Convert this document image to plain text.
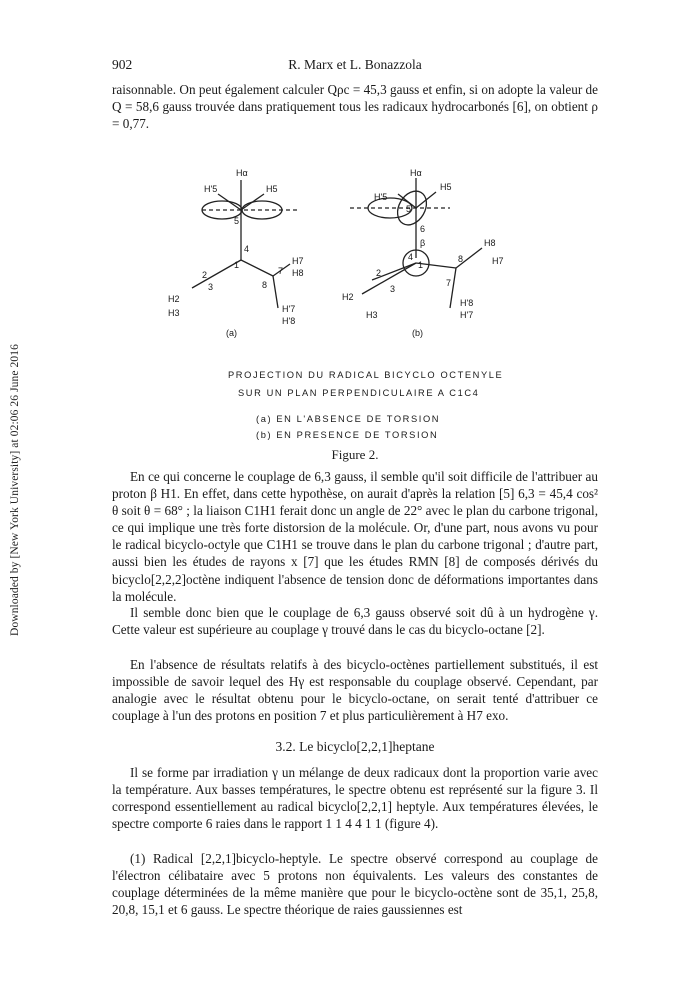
Downloaded by [New York University] at 02:06 26 June 2016
902	R. Marx et L. Bonazzola

raisonnable. On peut également calculer Qρc = 45,3 gauss et enfin, si on adopte la valeur de Q = 58,6 gauss trouvée dans pratiquement tous les radicaux hydrocarbonés [6], on obtient ρ = 0,77.

Hα
H'5	H5
5
4
1
2
3
7
8
H7
H8
H2
H3	H'7
H'8
(a)
Hα
H5
H'5
5
6
β
4
1
8
H8
H7
2
3
7
H2
H3
H'8
H'7
(b)
PROJECTION DU RADICAL BICYCLO OCTENYLE
SUR UN PLAN PERPENDICULAIRE A C1C4
(a) EN L'ABSENCE DE TORSION
(b) EN PRESENCE DE TORSION
Figure 2.

En ce qui concerne le couplage de 6,3 gauss, il semble qu'il soit difficile de l'attribuer au proton β H1. En effet, dans cette hypothèse, on aurait d'après la relation [5] 6,3 = 45,4 cos² θ soit θ = 68° ; la liaison C1H1 ferait donc un angle de 22° avec le plan du carbone trigonal, ce qui implique une très forte distorsion de la molécule. Or, d'une part, nous avons vu pour le radical bicyclo-octyle que C1H1 se trouve dans le plan du carbone trigonal ; d'autre part, aussi bien les études de rayons x [7] que les études RMN [8] de composés dérivés du bicyclo[2,2,2]octène indiquent l'absence de tension donc de déformations importantes dans la molécule.

Il semble donc bien que le couplage de 6,3 gauss observé soit dû à un hydrogène γ. Cette valeur est supérieure au couplage γ trouvé dans le cas du bicyclo-octane [2].

En l'absence de résultats relatifs à des bicyclo-octènes partiellement substitués, il est impossible de savoir lequel des Hγ est responsable du couplage observé. Cependant, par analogie avec le résultat obtenu pour le bicyclo-octane, on serait tenté d'attribuer ce couplage à l'un des protons en position 7 et plus particulièrement à H7 exo.

3.2. Le bicyclo[2,2,1]heptane

Il se forme par irradiation γ un mélange de deux radicaux dont la proportion varie avec la température. Aux basses températures, le spectre obtenu est représenté sur la figure 3. Il correspond essentiellement au radical bicyclo[2,2,1] heptyle. Aux températures élevées, le spectre comporte 6 raies dans le rapport 1 1 4 4 1 1 (figure 4).

(1) Radical [2,2,1]bicyclo-heptyle. Le spectre observé correspond au couplage de l'électron célibataire avec 5 protons non équivalents. Les valeurs des constantes de couplage déterminées de la même manière que pour le bicyclo-octène sont de 35,1, 25,8, 20,8, 15,1 et 6 gauss. Le spectre théorique de raies gaussiennes est
